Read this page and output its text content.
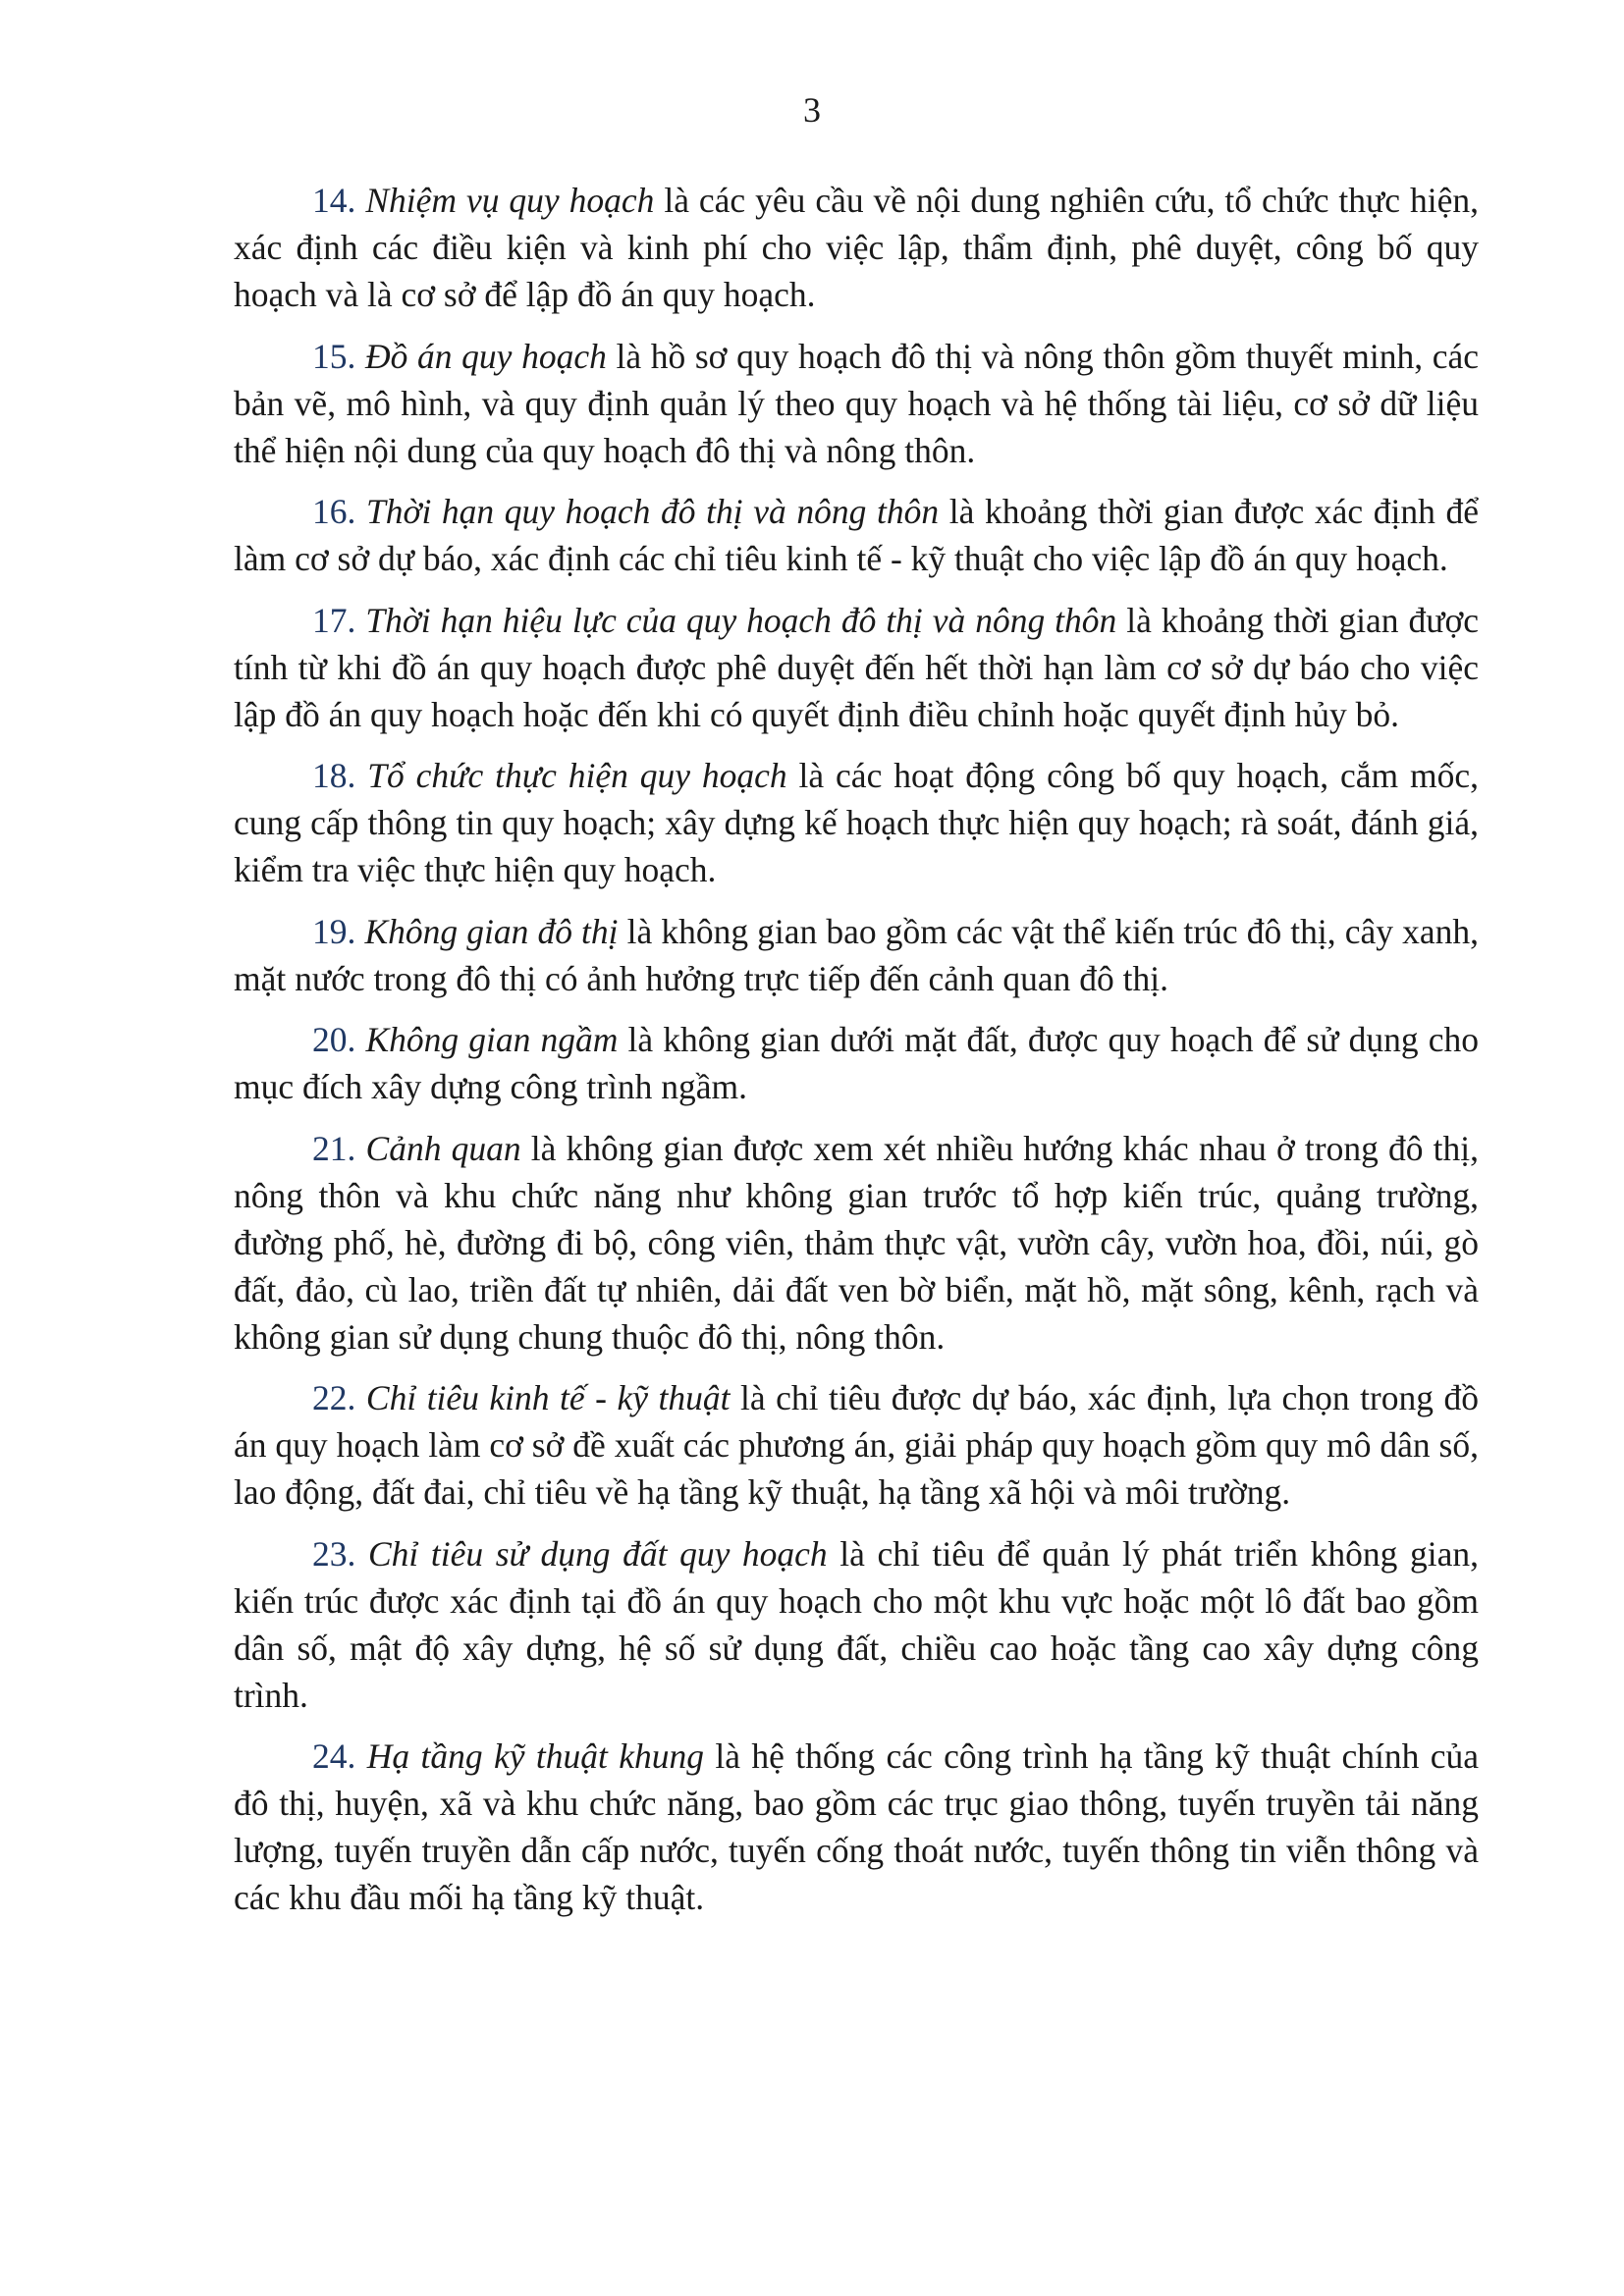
3

14. Nhiệm vụ quy hoạch là các yêu cầu về nội dung nghiên cứu, tổ chức thực hiện, xác định các điều kiện và kinh phí cho việc lập, thẩm định, phê duyệt, công bố quy hoạch và là cơ sở để lập đồ án quy hoạch.

15. Đồ án quy hoạch là hồ sơ quy hoạch đô thị và nông thôn gồm thuyết minh, các bản vẽ, mô hình, và quy định quản lý theo quy hoạch và hệ thống tài liệu, cơ sở dữ liệu thể hiện nội dung của quy hoạch đô thị và nông thôn.

16. Thời hạn quy hoạch đô thị và nông thôn là khoảng thời gian được xác định để làm cơ sở dự báo, xác định các chỉ tiêu kinh tế - kỹ thuật cho việc lập đồ án quy hoạch.

17. Thời hạn hiệu lực của quy hoạch đô thị và nông thôn là khoảng thời gian được tính từ khi đồ án quy hoạch được phê duyệt đến hết thời hạn làm cơ sở dự báo cho việc lập đồ án quy hoạch hoặc đến khi có quyết định điều chỉnh hoặc quyết định hủy bỏ.

18. Tổ chức thực hiện quy hoạch là các hoạt động công bố quy hoạch, cắm mốc, cung cấp thông tin quy hoạch; xây dựng kế hoạch thực hiện quy hoạch; rà soát, đánh giá, kiểm tra việc thực hiện quy hoạch.

19. Không gian đô thị là không gian bao gồm các vật thể kiến trúc đô thị, cây xanh, mặt nước trong đô thị có ảnh hưởng trực tiếp đến cảnh quan đô thị.

20. Không gian ngầm là không gian dưới mặt đất, được quy hoạch để sử dụng cho mục đích xây dựng công trình ngầm.

21. Cảnh quan là không gian được xem xét nhiều hướng khác nhau ở trong đô thị, nông thôn và khu chức năng như không gian trước tổ hợp kiến trúc, quảng trường, đường phố, hè, đường đi bộ, công viên, thảm thực vật, vườn cây, vườn hoa, đồi, núi, gò đất, đảo, cù lao, triền đất tự nhiên, dải đất ven bờ biển, mặt hồ, mặt sông, kênh, rạch và không gian sử dụng chung thuộc đô thị, nông thôn.

22. Chỉ tiêu kinh tế - kỹ thuật là chỉ tiêu được dự báo, xác định, lựa chọn trong đồ án quy hoạch làm cơ sở đề xuất các phương án, giải pháp quy hoạch gồm quy mô dân số, lao động, đất đai, chỉ tiêu về hạ tầng kỹ thuật, hạ tầng xã hội và môi trường.

23. Chỉ tiêu sử dụng đất quy hoạch là chỉ tiêu để quản lý phát triển không gian, kiến trúc được xác định tại đồ án quy hoạch cho một khu vực hoặc một lô đất bao gồm dân số, mật độ xây dựng, hệ số sử dụng đất, chiều cao hoặc tầng cao xây dựng công trình.

24. Hạ tầng kỹ thuật khung là hệ thống các công trình hạ tầng kỹ thuật chính của đô thị, huyện, xã và khu chức năng, bao gồm các trục giao thông, tuyến truyền tải năng lượng, tuyến truyền dẫn cấp nước, tuyến cống thoát nước, tuyến thông tin viễn thông và các khu đầu mối hạ tầng kỹ thuật.
